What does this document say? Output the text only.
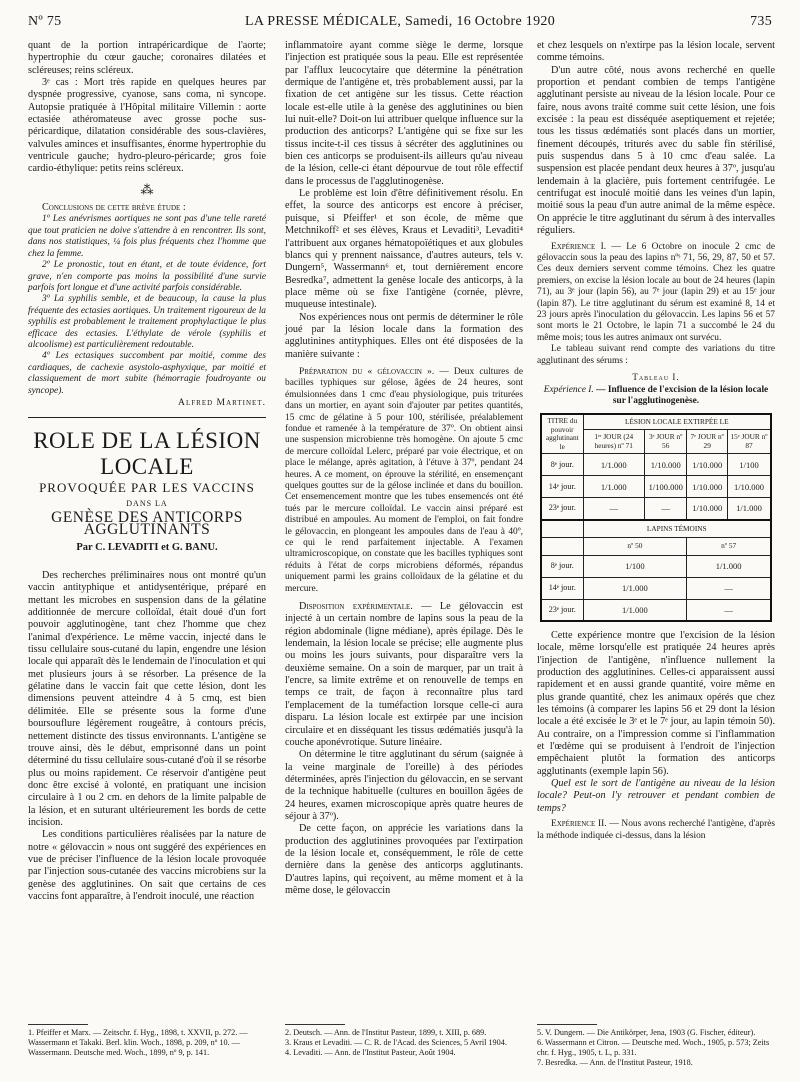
Nº 75	LA PRESSE MÉDICALE, Samedi, 16 Octobre 1920	735

quant de la portion intrapéricardique de l'aorte; hypertrophie du cœur gauche; coronaires dilatées et scléreuses; reins scléreux.

3ᵉ cas : Mort très rapide en quelques heures par dyspnée progressive, cyanose, sans coma, ni syncope. Autopsie pratiquée à l'Hôpital militaire Villemin : aorte ectasiée athéromateuse avec grosse poche sus-péricardique, dilatation considérable des sous-clavières, valvules aminces et insuffisantes, énorme hypertrophie du ventricule gauche; hydro-pleuro-péricarde; gros foie cardio-éthylique: petits reins scléreux.

⁂

Conclusions de cette brève étude :

1º Les anévrismes aortiques ne sont pas d'une telle rareté que tout praticien ne doive s'attendre à en rencontrer. Ils sont, dans nos statistiques, ¼ fois plus fréquents chez l'homme que chez la femme.

2º Le pronostic, tout en étant, et de toute évidence, fort grave, n'en comporte pas moins la possibilité d'une survie parfois fort longue et d'une activité parfois considérable.

3º La syphilis semble, et de beaucoup, la cause la plus fréquente des ectasies aortiques. Un traitement rigoureux de la syphilis est probablement le traitement prophylactique le plus efficace des ectasies. L'éthylate de vérole (syphilis et alcoolisme) est particulièrement redoutable.

4º Les ectasiques succombent par moitié, comme des cardiaques, de cachexie asystolo-asphyxique, par moitié et classiquement de mort subite (hémorragie foudroyante ou syncope).

Alfred Martinet.

ROLE DE LA LÉSION LOCALE
PROVOQUÉE PAR LES VACCINS
DANS LA
GENÈSE DES ANTICORPS AGGLUTINANTS
Par C. LEVADITI et G. BANU.

Des recherches préliminaires nous ont montré qu'un vaccin antityphique et antidysentérique, préparé en mettant les microbes en suspension dans de la gélatine additionnée de mercure colloïdal, était doué d'un fort pouvoir agglutinogène, tant chez l'homme que chez l'animal d'expérience. Le même vaccin, injecté dans le tissu cellulaire sous-cutané du lapin, engendre une lésion locale qui apparaît dès le lendemain de l'inoculation et qui met plusieurs jours à se résorber. La présence de la gélatine dans le vaccin fait que cette lésion, dont les dimensions peuvent atteindre 4 à 5 cmq, est bien délimitée. Elle se présente sous la forme d'une boursouflure légèrement rougeâtre, à contours précis, nettement distincte des tissus environnants. L'antigène se trouve ainsi, dès le début, emprisonné dans un point déterminé du tissu cellulaire sous-cutané d'où il se résorbe plus ou moins rapidement. Ce réservoir d'antigène peut donc être excisé à volonté, en pratiquant une incision circulaire à 1 ou 2 cm. en dehors de la limite palpable de la lésion, et en suturant ultérieurement les bords de cette incision.

Les conditions particulières réalisées par la nature de notre « gélovaccin » nous ont suggéré des expériences en vue de préciser l'influence de la lésion locale provoquée par l'injection sous-cutanée des vaccins microbiens sur la genèse des agglutinines. On sait que certains de ces vaccins font apparaître, à l'endroit inoculé, une réaction

inflammatoire ayant comme siège le derme, lorsque l'injection est pratiquée sous la peau. Elle est représentée par l'afflux leucocytaire que détermine la pénétration dermique de l'antigène et, très probablement aussi, par la fixation de cet antigène sur les tissus. Cette réaction locale est-elle utile à la genèse des agglutinines ou bien lui nuit-elle? Doit-on lui attribuer quelque influence sur la production des anticorps? L'antigène qui se fixe sur les tissus incite-t-il ces tissus à sécréter des agglutinines ou bien ces anticorps se produisent-ils ailleurs qu'au niveau de la lésion, celle-ci étant dépourvue de tout rôle effectif dans le processus de l'agglutinogenèse.

Le problème est loin d'être définitivement résolu. En effet, la source des anticorps est encore à préciser, puisque, si Pfeiffer¹ et son école, de même que Metchnikoff² et ses élèves, Kraus et Levaditi³, Levaditi⁴ l'attribuent aux organes hématopoïétiques et aux globules blancs qui y prennent naissance, d'autres auteurs, tels v. Dungern⁵, Wassermann⁶ et, tout dernièrement encore Besredka⁷, admettent la genèse locale des anticorps, à la place même où se fixe l'antigène (cornée, plèvre, muqueuse intestinale).

Nos expériences nous ont permis de déterminer le rôle joué par la lésion locale dans la formation des agglutinines antityphiques. Elles ont été disposées de la manière suivante :

Préparation du « gélovaccin ». — Deux cultures de bacilles typhiques sur gélose, âgées de 24 heures, sont émulsionnées dans 1 cmc d'eau physiologique, puis triturées dans un mortier, en ayant soin d'ajouter par petites quantités, 15 cmc de gélatine à 5 pour 100, stérilisée, préalablement fondue et ramenée à la température de 37º. On obtient ainsi une suspension microbienne très homogène. On ajoute 5 cmc de mercure colloïdal Lelerc, préparé par voie électrique, et on place le mélange, après agitation, à l'étuve à 37º, pendant 24 heures. A ce moment, on éprouve la stérilité, en ensemençant quelques gouttes sur de la gélose inclinée et dans du bouillon. Cet ensemencement montre que les tubes ensemencés ont été tués par le mercure colloïdal. Le vaccin ainsi préparé est distribué en ampoules. Au moment de l'emploi, on fait fondre le gélovaccin, en plongeant les ampoules dans de l'eau à 40º, ce qui le rend parfaitement injectable. A l'examen ultramicroscopique, on constate que les bacilles typhiques sont réduits à l'état de corps microbiens déformés, répandus uniquement parmi les grains colloïdaux de la gélatine et du mercure.

Disposition expérimentale. — Le gélovaccin est injecté à un certain nombre de lapins sous la peau de la région abdominale (ligne médiane), après épilage. Dès le lendemain, la lésion locale se précise; elle augmente plus ou moins les jours suivants, pour disparaître vers la deuxième semaine. On a soin de marquer, par un trait à l'encre, sa limite extrême et on renouvelle de temps en temps ce trait, de façon à reconnaître plus tard l'emplacement de la tuméfaction lorsque celle-ci aura disparu. La lésion locale est extirpée par une incision circulaire et en disséquant les tissus œdématiés jusqu'à la couche aponévrotique. Suture linéaire.

On détermine le titre agglutinant du sérum (saignée à la veine marginale de l'oreille) à des périodes déterminées, après l'injection du gélovaccin, en se servant de la technique habituelle (cultures en bouillon âgées de 24 heures, examen microscopique après quatre heures de séjour à 37º).

De cette façon, on apprécie les variations dans la production des agglutinines provoquées par l'extirpation de la lésion locale et, conséquemment, le rôle de cette dernière dans la genèse des anticorps agglutinants. D'autres lapins, qui reçoivent, au même moment et à la même dose, le gélovaccin

et chez lesquels on n'extirpe pas la lésion locale, servent comme témoins.

D'un autre côté, nous avons recherché en quelle proportion et pendant combien de temps l'antigène agglutinant persiste au niveau de la lésion locale. Pour ce faire, nous avons traité comme suit cette lésion, une fois excisée : la peau est disséquée aseptiquement et rejetée; tous les tissus œdématiés sont placés dans un mortier, finement découpés, triturés avec du sable fin stérilisé, puis suspendus dans 5 à 10 cmc d'eau salée. La suspension est placée pendant deux heures à 37º, jusqu'au lendemain à la glacière, puis fortement centrifugée. Le centrifugat est inoculé moitié dans les veines d'un lapin, moitié sous la peau d'un autre animal de la même espèce. On apprécie le titre agglutinant du sérum à des intervalles réguliers.

Expérience I. — Le 6 Octobre on inocule 2 cmc de gélovaccin sous la peau des lapins nºˢ 71, 56, 29, 87, 50 et 57. Ces deux derniers servent comme témoins. Chez les quatre premiers, on excise la lésion locale au bout de 24 heures (lapin 71), au 3ᵉ jour (lapin 56), au 7ᵉ jour (lapin 29) et au 15ᵉ jour (lapin 87). Le titre agglutinant du sérum est examiné 8, 14 et 23 jours après l'inoculation du gélovaccin. Les lapins 56 et 57 sont morts le 21 Octobre, le lapin 71 a succombé le 24 du même mois; tous les autres animaux ont survécu.

Le tableau suivant rend compte des variations du titre agglutinant des sérums :

Tableau I.
Expérience I. — Influence de l'excision de la lésion locale sur l'agglutinogenèse.
TITRE du pouvoir agglutinant le	LÉSION LOCALE EXTIRPÉE LE			
	1ᵉʳ JOUR (24 heures) nº 71	3ᵉ JOUR nº 56	7ᵉ JOUR nº 29	15ᵉ JOUR nº 87
8ᵉ jour.	1/1.000	1/10.000	1/10.000	1/100
14ᵉ jour.	1/1.000	1/100.000	1/10.000	1/10.000
23ᵉ jour.	—	—	1/10.000	1/1.000
	LAPINS TÉMOINS			
	nº 50		nº 57	
8ᵉ jour.	1/100		1/1.000	
14ᵉ jour.	1/1.000		—	
23ᵉ jour.	1/1.000		—	

Cette expérience montre que l'excision de la lésion locale, même lorsqu'elle est pratiquée 24 heures après l'injection de l'antigène, n'influence nullement la production des agglutinines. Celles-ci apparaissent aussi rapidement et en aussi grande quantité, voire même en plus grande quantité, chez les animaux opérés que chez les témoins (à comparer les lapins 56 et 29 dont la lésion locale a été excisée le 3ᵉ et le 7ᵉ jour, au lapin témoin 50). Au contraire, on a l'impression comme si l'inflammation et l'œdème qui se produisent à l'endroit de l'injection empêchaient plutôt la formation des anticorps agglutinants (exemple lapin 56).

Quel est le sort de l'antigène au niveau de la lésion locale? Peut-on l'y retrouver et pendant combien de temps?

Expérience II. — Nous avons recherché l'antigène, d'après la méthode indiquée ci-dessus, dans la lésion

1. Pfeiffer et Marx. — Zeitschr. f. Hyg., 1898, t. XXVII, p. 272. — Wassermann et Takaki. Berl. klin. Woch., 1898, p. 209, nº 10. — Wassermann. Deutsche med. Woch., 1899, nº 9, p. 141.

2. Deutsch. — Ann. de l'Institut Pasteur, 1899, t. XIII, p. 689.

3. Kraus et Levaditi. — C. R. de l'Acad. des Sciences, 5 Avril 1904.

4. Levaditi. — Ann. de l'Institut Pasteur, Août 1904.

5. V. Dungern. — Die Antikörper, Jena, 1903 (G. Fischer, éditeur).

6. Wassermann et Citron. — Deutsche med. Woch., 1905, p. 573; Zeits chr. f. Hyg., 1905, t. L, p. 331.

7. Besredka. — Ann. de l'Institut Pasteur, 1918.
